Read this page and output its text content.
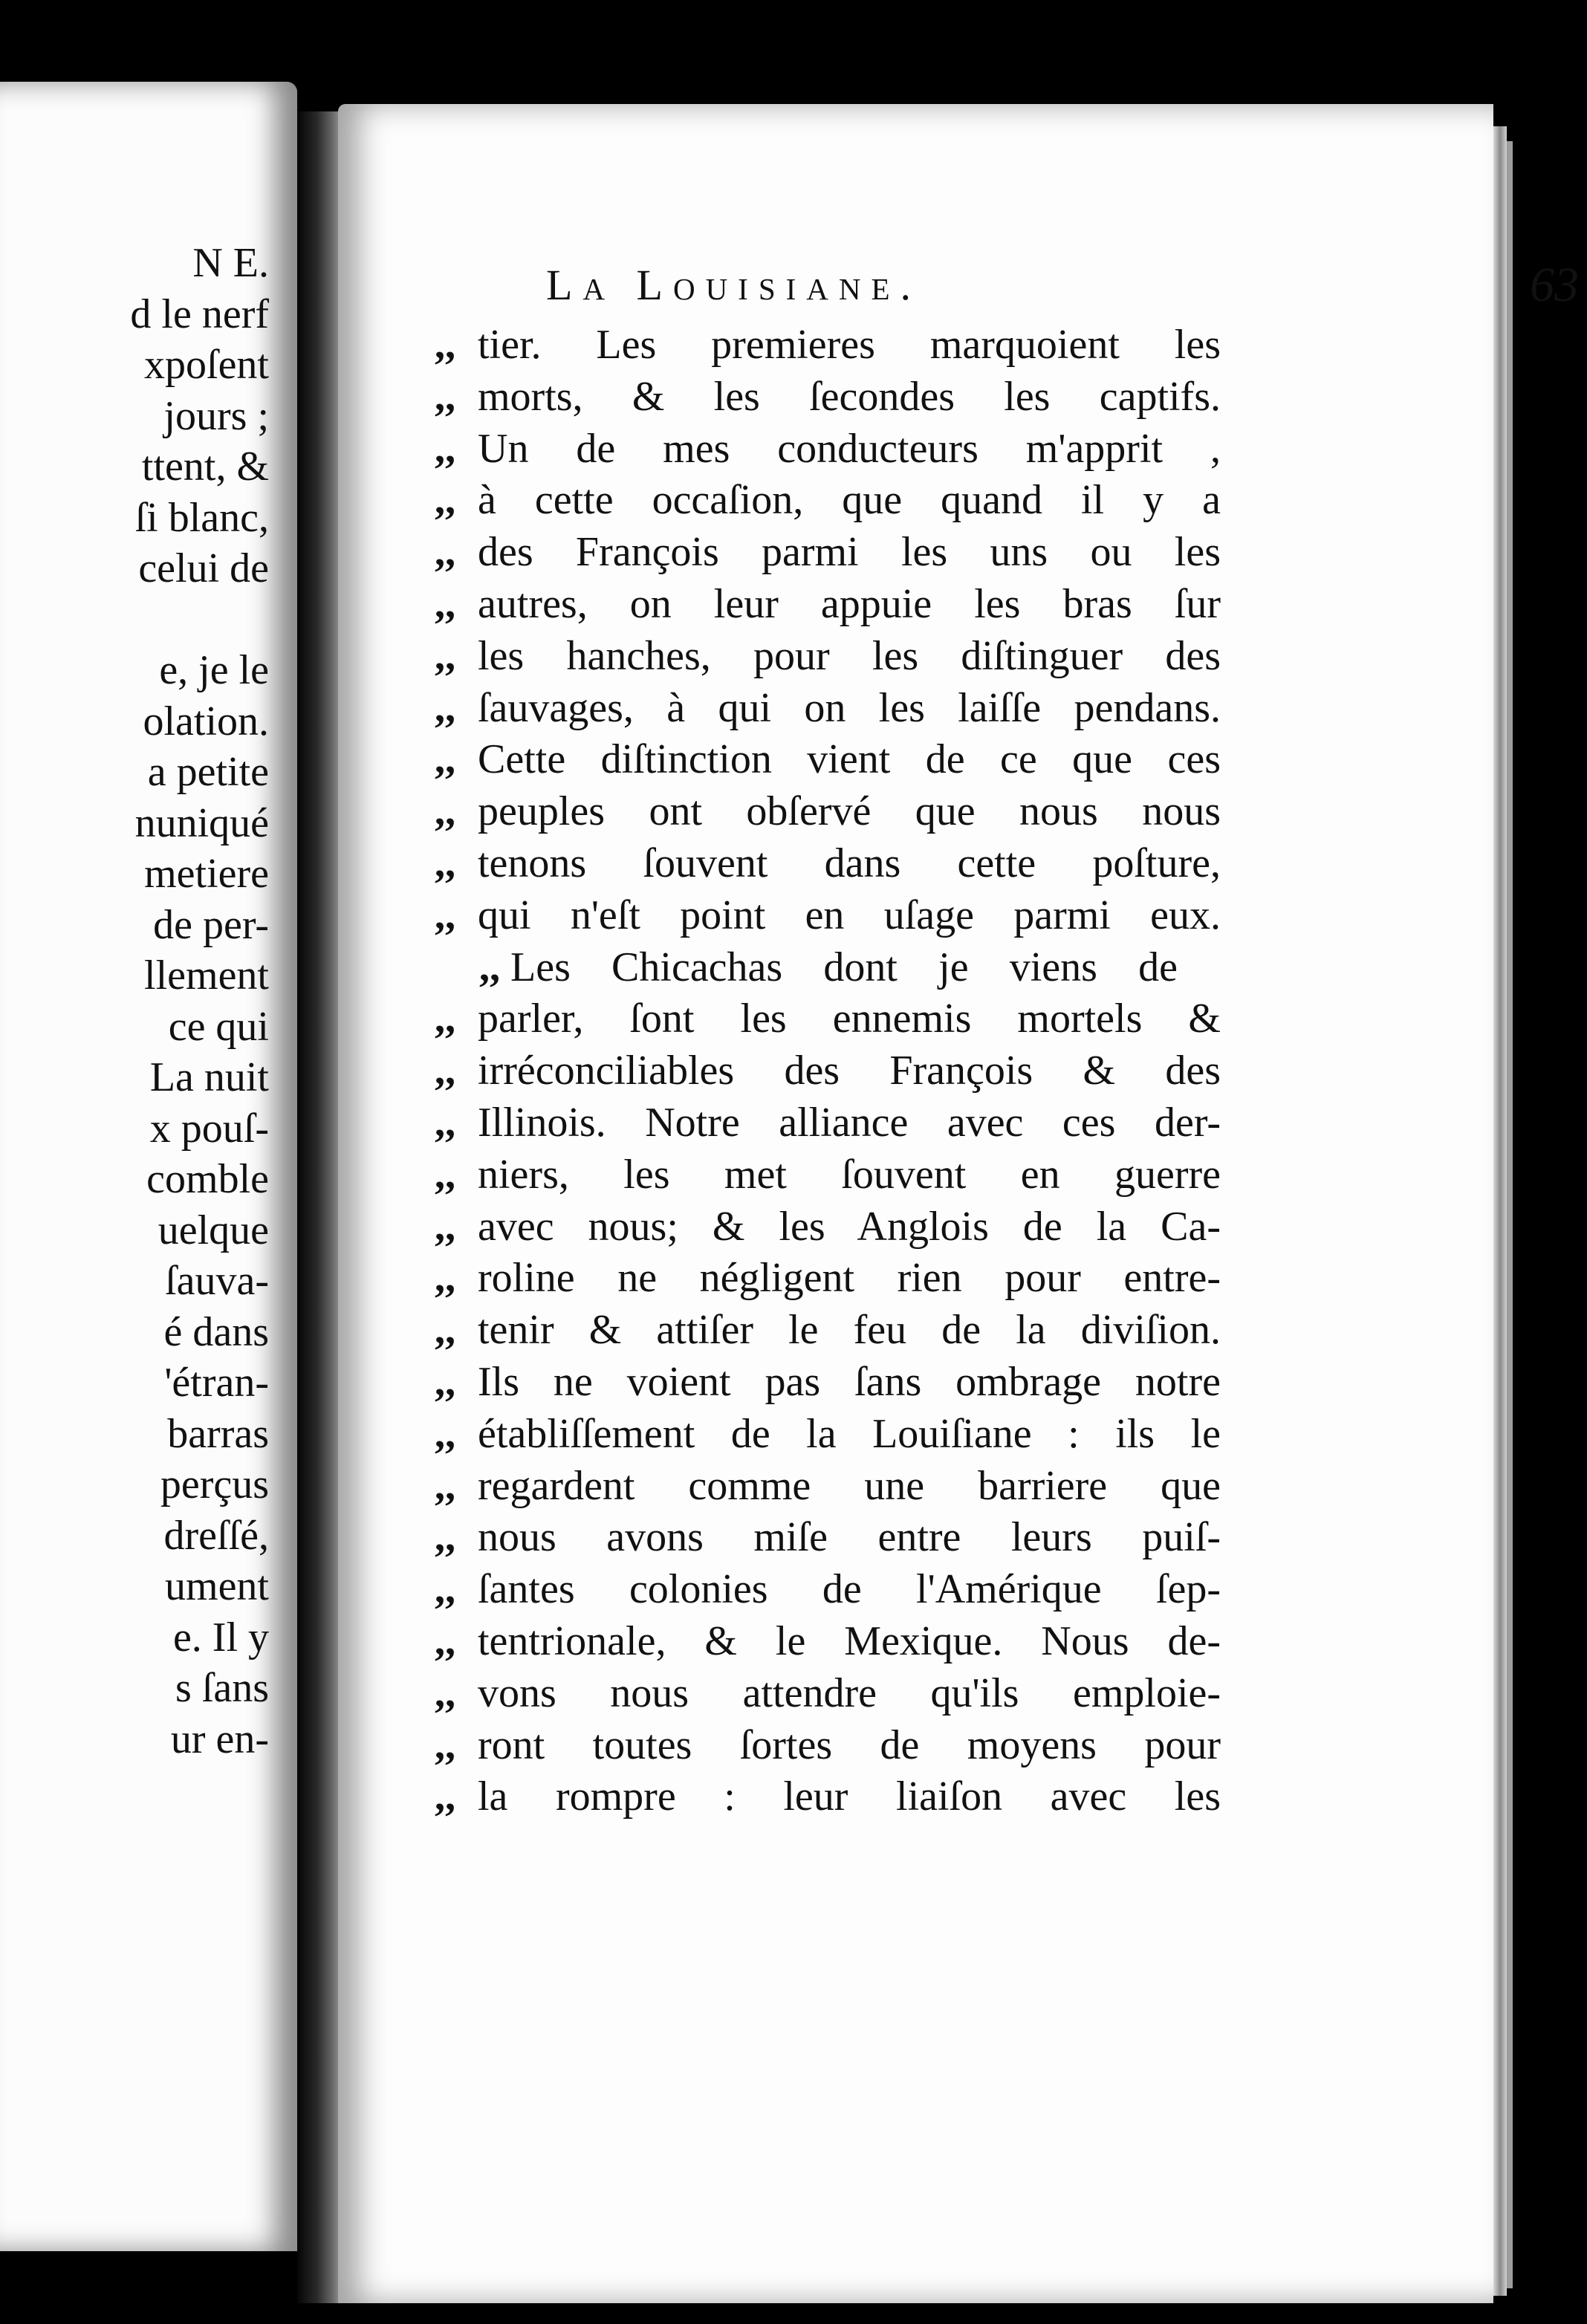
N E.
d le nerf
xpoſent
jours ;
ttent, &
ſi blanc,
celui de
e, je le
olation.
a petite
nuniqué
metiere
de per-
llement
ce qui
La nuit
x pouſ-
comble
uelque
ſauva-
é dans
'étran-
barras
perçus
dreſſé,
ument
e. Il y
s ſans
ur en-
La Louisiane.	63
,, tier. Les premieres marquoient les
,, morts, & les ſecondes les captifs.
,, Un de mes conducteurs m'apprit ,
,, à cette occaſion, que quand il y a
,, des François parmi les uns ou les
,, autres, on leur appuie les bras ſur
,, les hanches, pour les diſtinguer des
,, ſauvages, à qui on les laiſſe pendans.
,, Cette diſtinction vient de ce que ces
,, peuples ont obſervé que nous nous
,, tenons ſouvent dans cette poſture,
,, qui n'eſt point en uſage parmi eux.
,, Les Chicachas dont je viens de
,, parler, ſont les ennemis mortels &
,, irréconciliables des François & des
,, Illinois. Notre alliance avec ces der-
,, niers, les met ſouvent en guerre
,, avec nous; & les Anglois de la Ca-
,, roline ne négligent rien pour entre-
,, tenir & attiſer le feu de la diviſion.
,, Ils ne voient pas ſans ombrage notre
,, établiſſement de la Louiſiane : ils le
,, regardent comme une barriere que
,, nous avons miſe entre leurs puiſ-
,, ſantes colonies de l'Amérique ſep-
,, tentrionale, & le Mexique. Nous de-
,, vons nous attendre qu'ils emploie-
,, ront toutes ſortes de moyens pour
,, la rompre : leur liaiſon avec les
